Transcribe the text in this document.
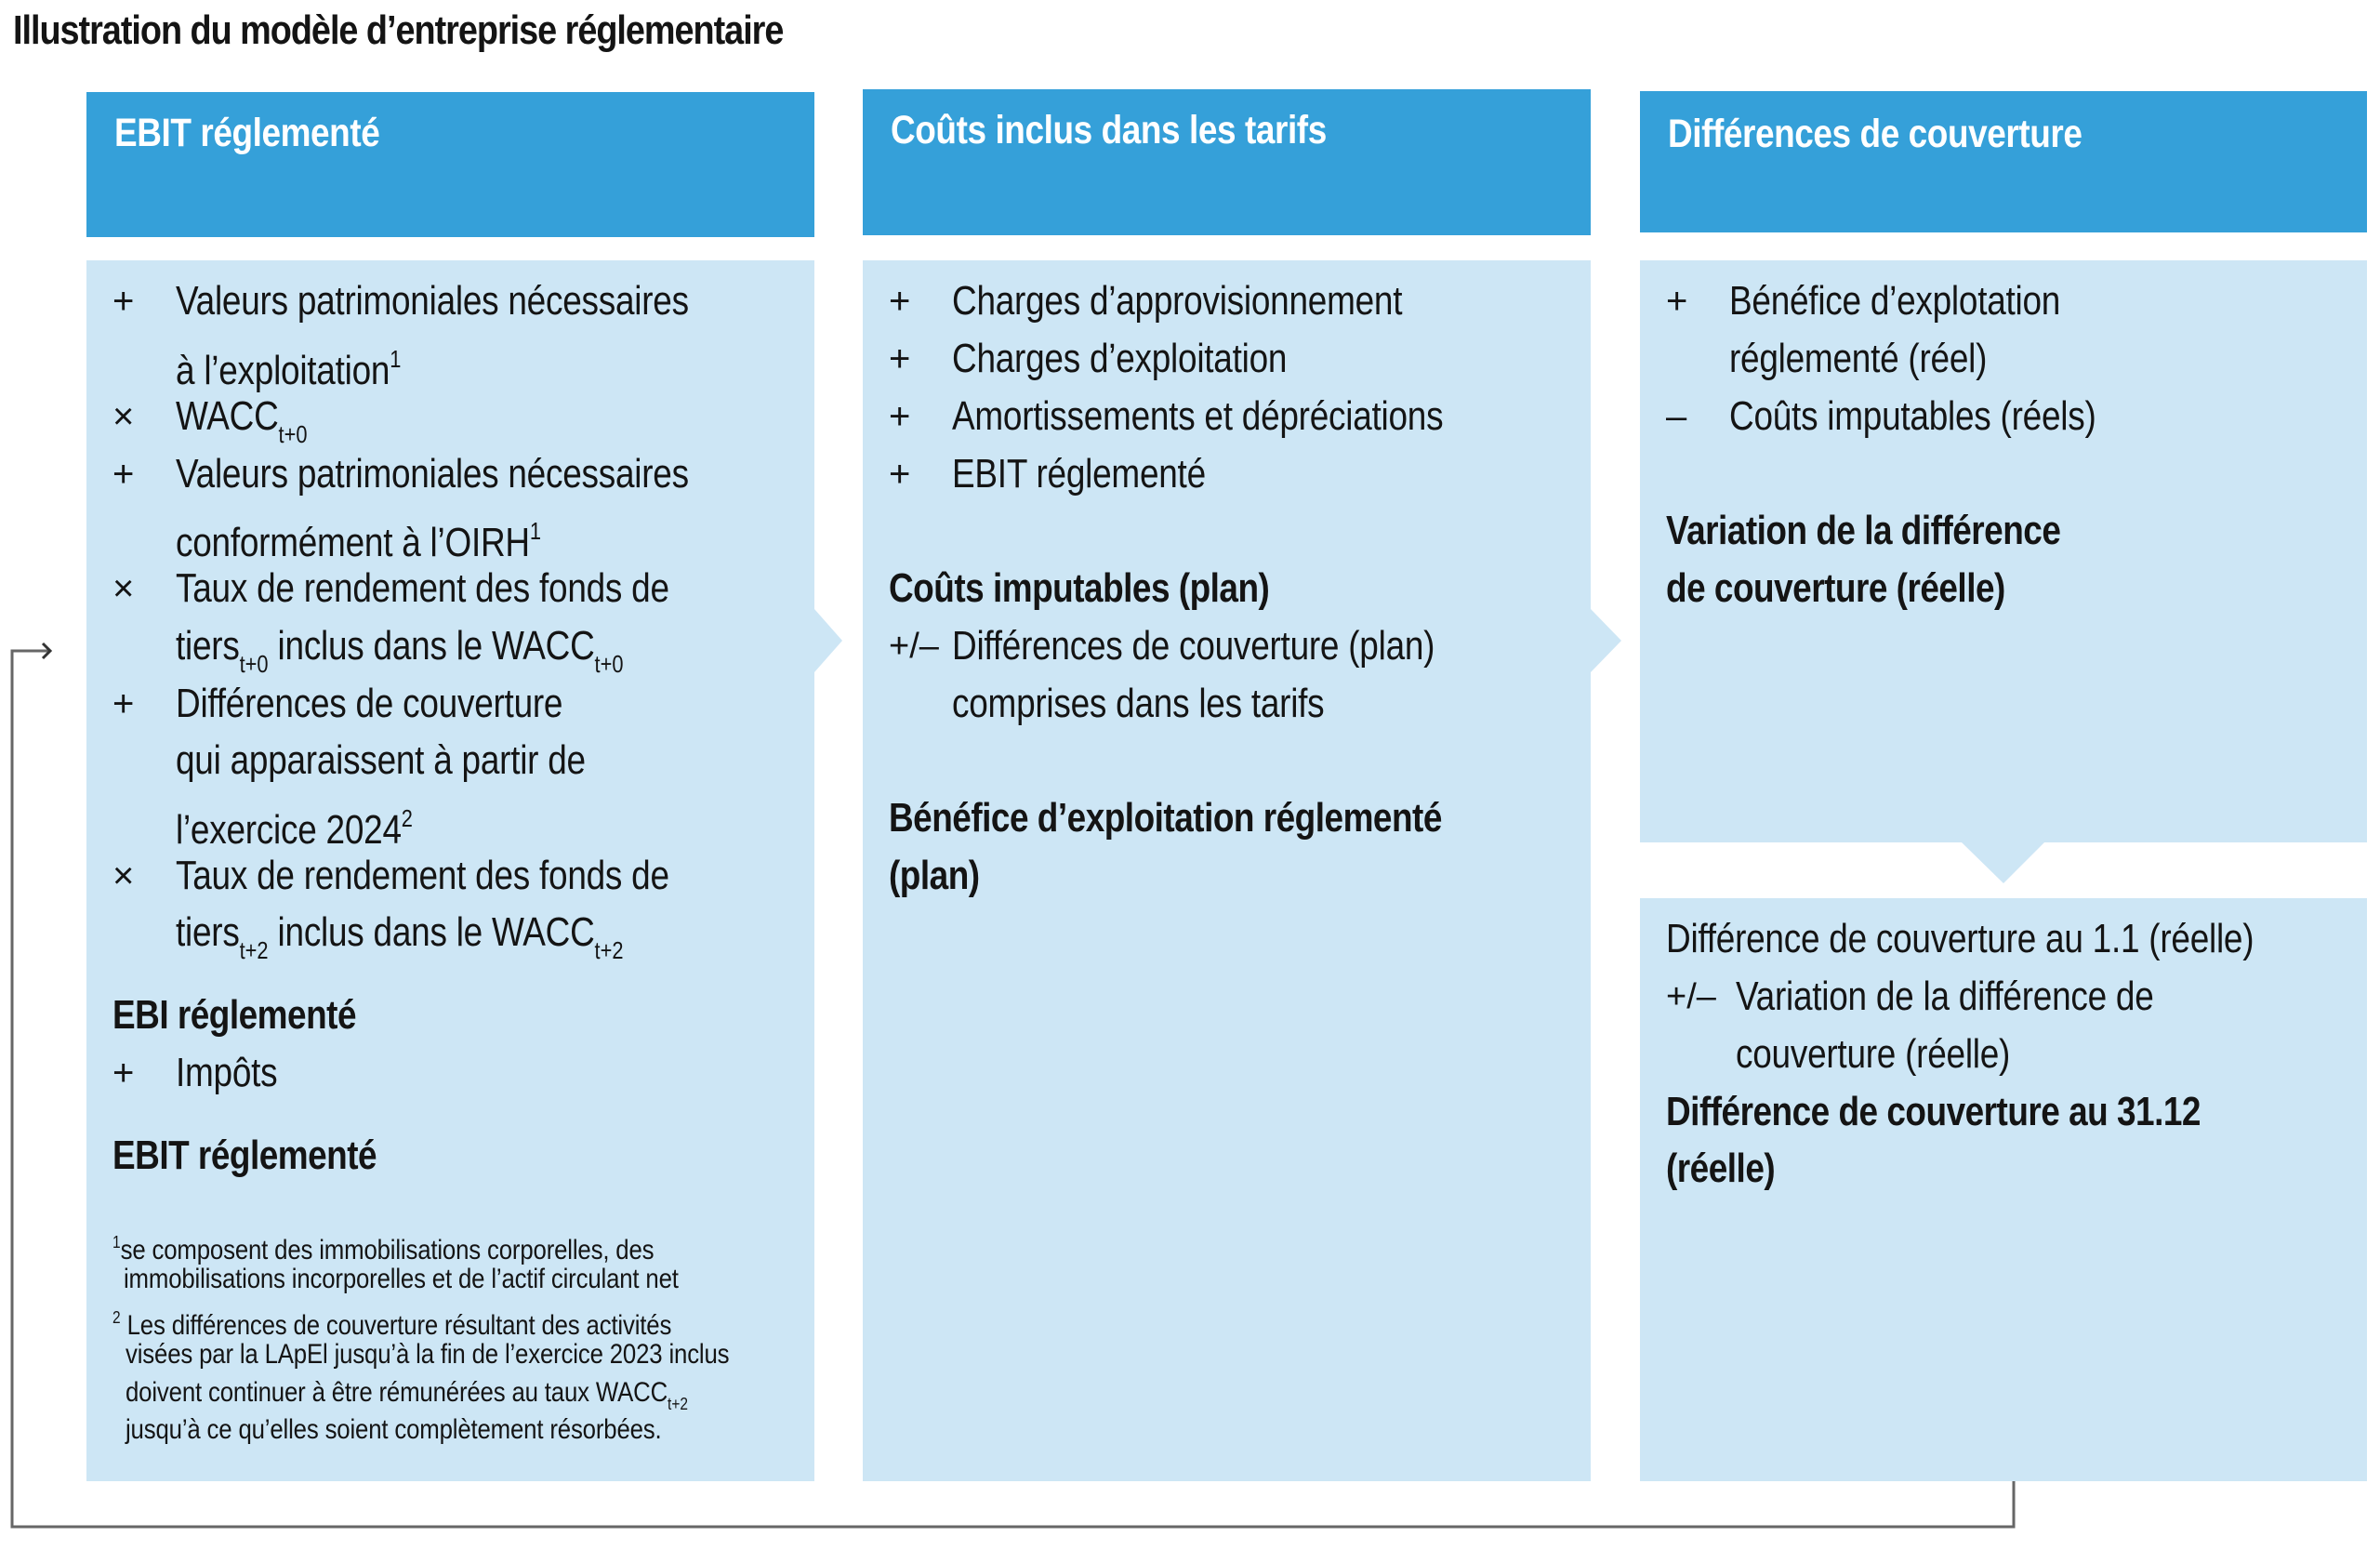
Illustration du modèle d’entreprise réglementaire
EBIT réglementé
+
×
+
×
+
×
+
Valeurs patrimoniales nécessaires
à l’exploitation$^1$
$WACC_{t+0}$
Valeurs patrimoniales nécessaires
conformément à l’OIRH$^1$
Taux de rendement des fonds de
tiers$_{t+0}$ inclus dans le $WACC_{t+0}$
Différences de couverture
qui apparaissent à partir de
l’exercice 2024$^2$
Taux de rendement des fonds de
tiers$_{t+2}$ inclus dans le $WACC_{t+2}$
EBI réglementé
Impôts
EBIT réglementé
$^1$se composent des immobilisations corporelles, des
immobilisations incorporelles et de l’actif circulant net
$^2$ Les différences de couverture résultant des activités
visées par la LApEl jusqu’à la fin de l’exercice 2023 inclus
doivent continuer à être rémunérées au taux $WACC_{t+2}$
jusqu’à ce qu’elles soient complètement résorbées.
Coûts inclus dans les tarifs
+
+
+
+
Charges d’approvisionnement
Charges d’exploitation
Amortissements et dépréciations
EBIT réglementé
Coûts imputables (plan)
+/– Différences de couverture (plan)
comprises dans les tarifs
Bénéfice d’exploitation réglementé
(plan)
Différences de couverture
+
–
Bénéfice d’explotation
réglementé (réel)
Coûts imputables (réels)
Variation de la différence
de couverture (réelle)
Différence de couverture au 1.1 (réelle)
+/– Variation de la différence de
couverture (réelle)
Différence de couverture au 31.12
(réelle)
